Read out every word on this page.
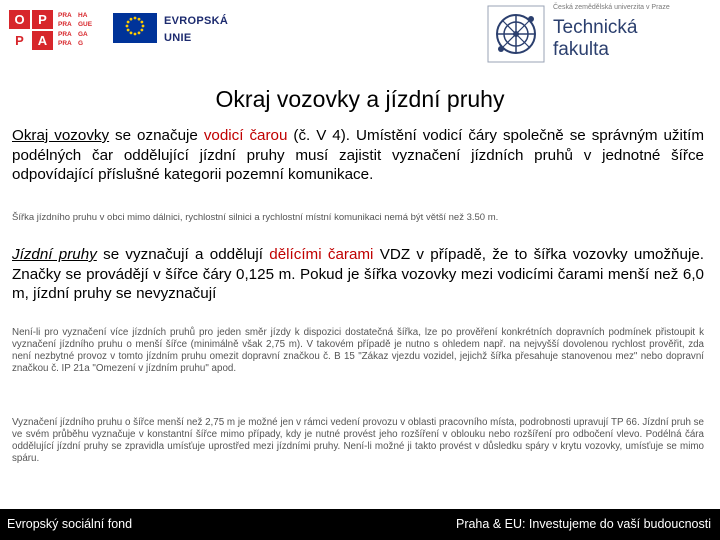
O	P
P	A
PRA HA
PRA GUE
PRA GA
PRA G
EVROPSKÁ
UNIE
Česká zemědělská univerzita v Praze
Technická
fakulta
Okraj vozovky a jízdní pruhy

Okraj vozovky se označuje vodicí čarou (č. V 4). Umístění vodicí čáry společně se správným užitím podélných čar oddělující jízdní pruhy musí zajistit vyznačení jízdních pruhů v jednotné šířce odpovídající příslušné kategorii pozemní komunikace.

Šířka jízdního pruhu v obci mimo dálnici, rychlostní silnici a rychlostní místní komunikaci nemá být větší než 3.50 m.

Jízdní pruhy se vyznačují a oddělují dělícími čarami VDZ v případě, že to šířka vozovky umožňuje. Značky se provádějí v šířce čáry 0,125 m. Pokud je šířka vozovky mezi vodicími čarami menší než 6,0 m, jízdní pruhy se nevyznačují

Není-li pro vyznačení více jízdních pruhů pro jeden směr jízdy k dispozici dostatečná šířka, lze po prověření konkrétních dopravních podmínek přistoupit k vyznačení jízdního pruhu o menší šířce (minimálně však 2,75 m). V takovém případě je nutno s ohledem např. na nejvyšší dovolenou rychlost prověřit, zda není nezbytné provoz v tomto jízdním pruhu omezit dopravní značkou č. B 15 "Zákaz vjezdu vozidel, jejichž šířka přesahuje stanovenou mez" nebo dopravní značkou č. IP 21a "Omezení v jízdním pruhu" apod.

Vyznačení jízdního pruhu o šířce menší než 2,75 m je možné jen v rámci vedení provozu v oblasti pracovního místa, podrobnosti upravují TP 66. Jízdní pruh se ve svém průběhu vyznačuje v konstantní šířce mimo případy, kdy je nutné provést jeho rozšíření v oblouku nebo rozšíření pro odbočení vlevo. Podélná čára oddělující jízdní pruhy se zpravidla umísťuje uprostřed mezi jízdními pruhy. Není-li možné ji takto provést v důsledku spáry v krytu vozovky, umísťuje se mimo spáru.

Evropský sociální fond	Praha & EU: Investujeme do vaší budoucnosti
